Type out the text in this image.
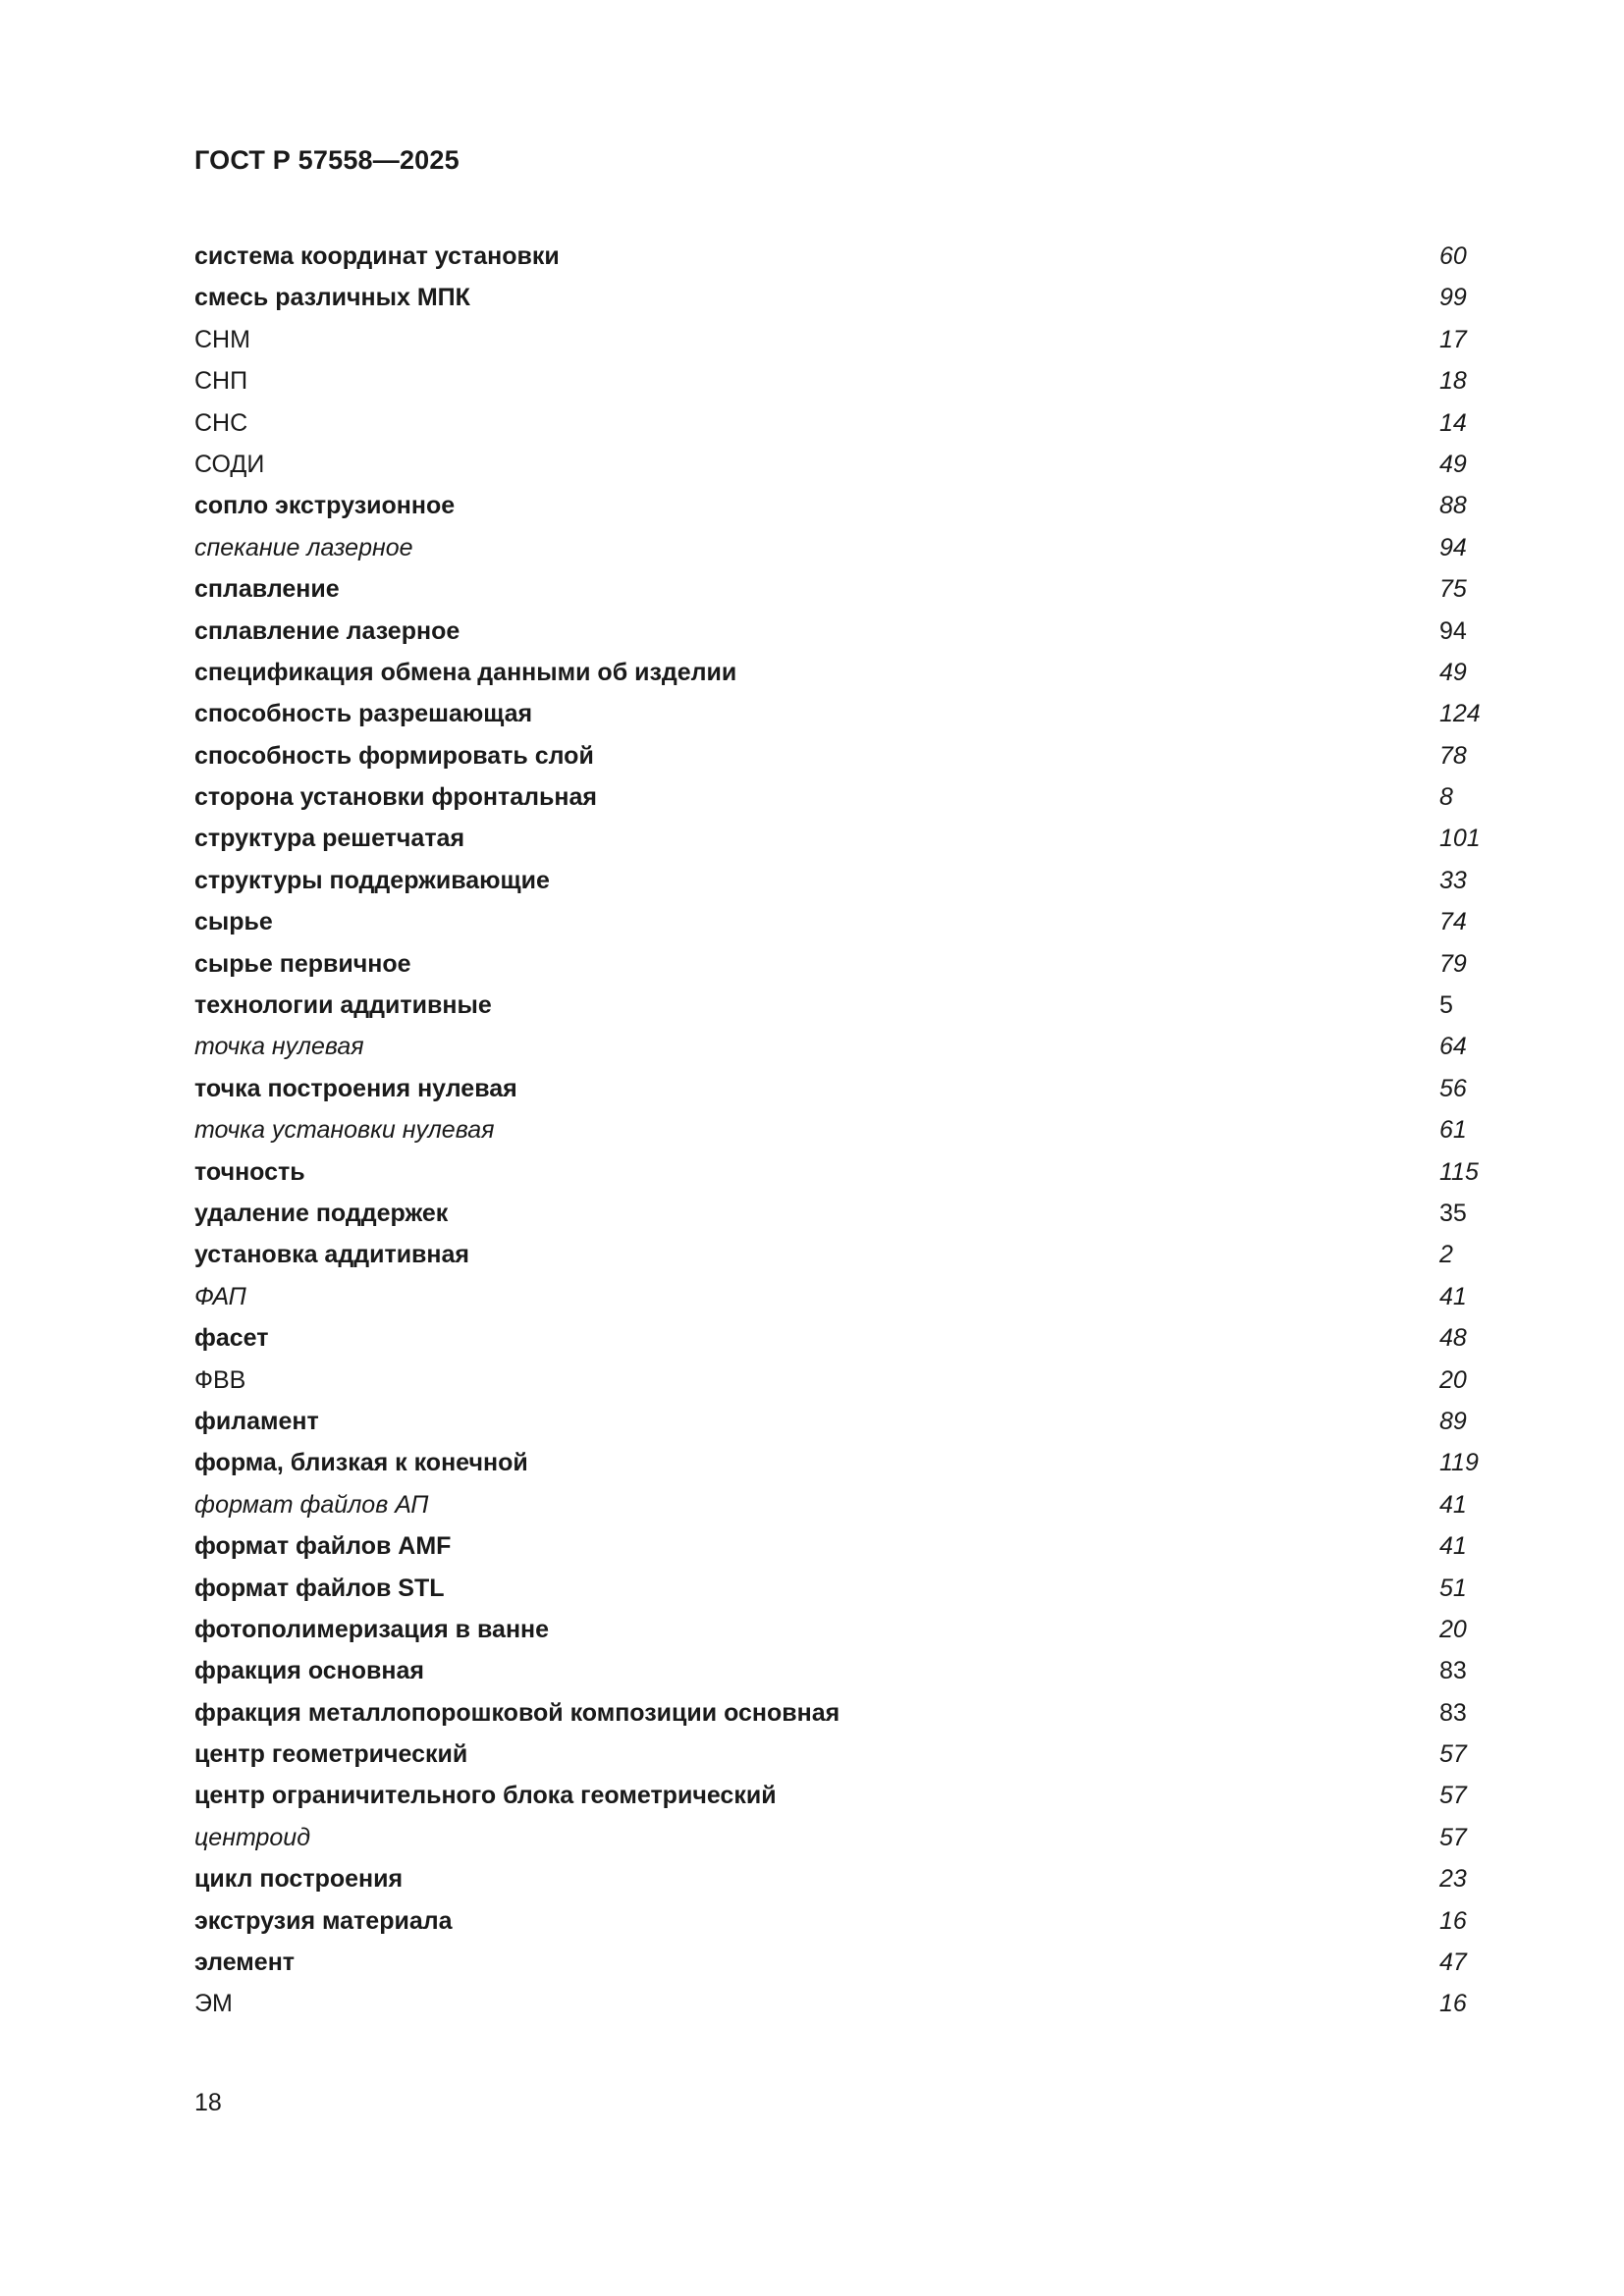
ГОСТ Р 57558—2025
система координат установки	60
смесь различных МПК	99
СНМ	17
СНП	18
СНС	14
СОДИ	49
сопло экструзионное	88
спекание лазерное	94
сплавление	75
сплавление лазерное	94
спецификация обмена данными об изделии	49
способность разрешающая	124
способность формировать слой	78
сторона установки фронтальная	8
структура решетчатая	101
структуры поддерживающие	33
сырье	74
сырье первичное	79
технологии аддитивные	5
точка нулевая	64
точка построения нулевая	56
точка установки нулевая	61
точность	115
удаление поддержек	35
установка аддитивная	2
ФАП	41
фасет	48
ФВВ	20
филамент	89
форма, близкая к конечной	119
формат файлов АП	41
формат файлов AMF	41
формат файлов STL	51
фотополимеризация в ванне	20
фракция основная	83
фракция металлопорошковой композиции основная	83
центр геометрический	57
центр ограничительного блока геометрический	57
центроид	57
цикл построения	23
экструзия материала	16
элемент	47
ЭМ	16
18
